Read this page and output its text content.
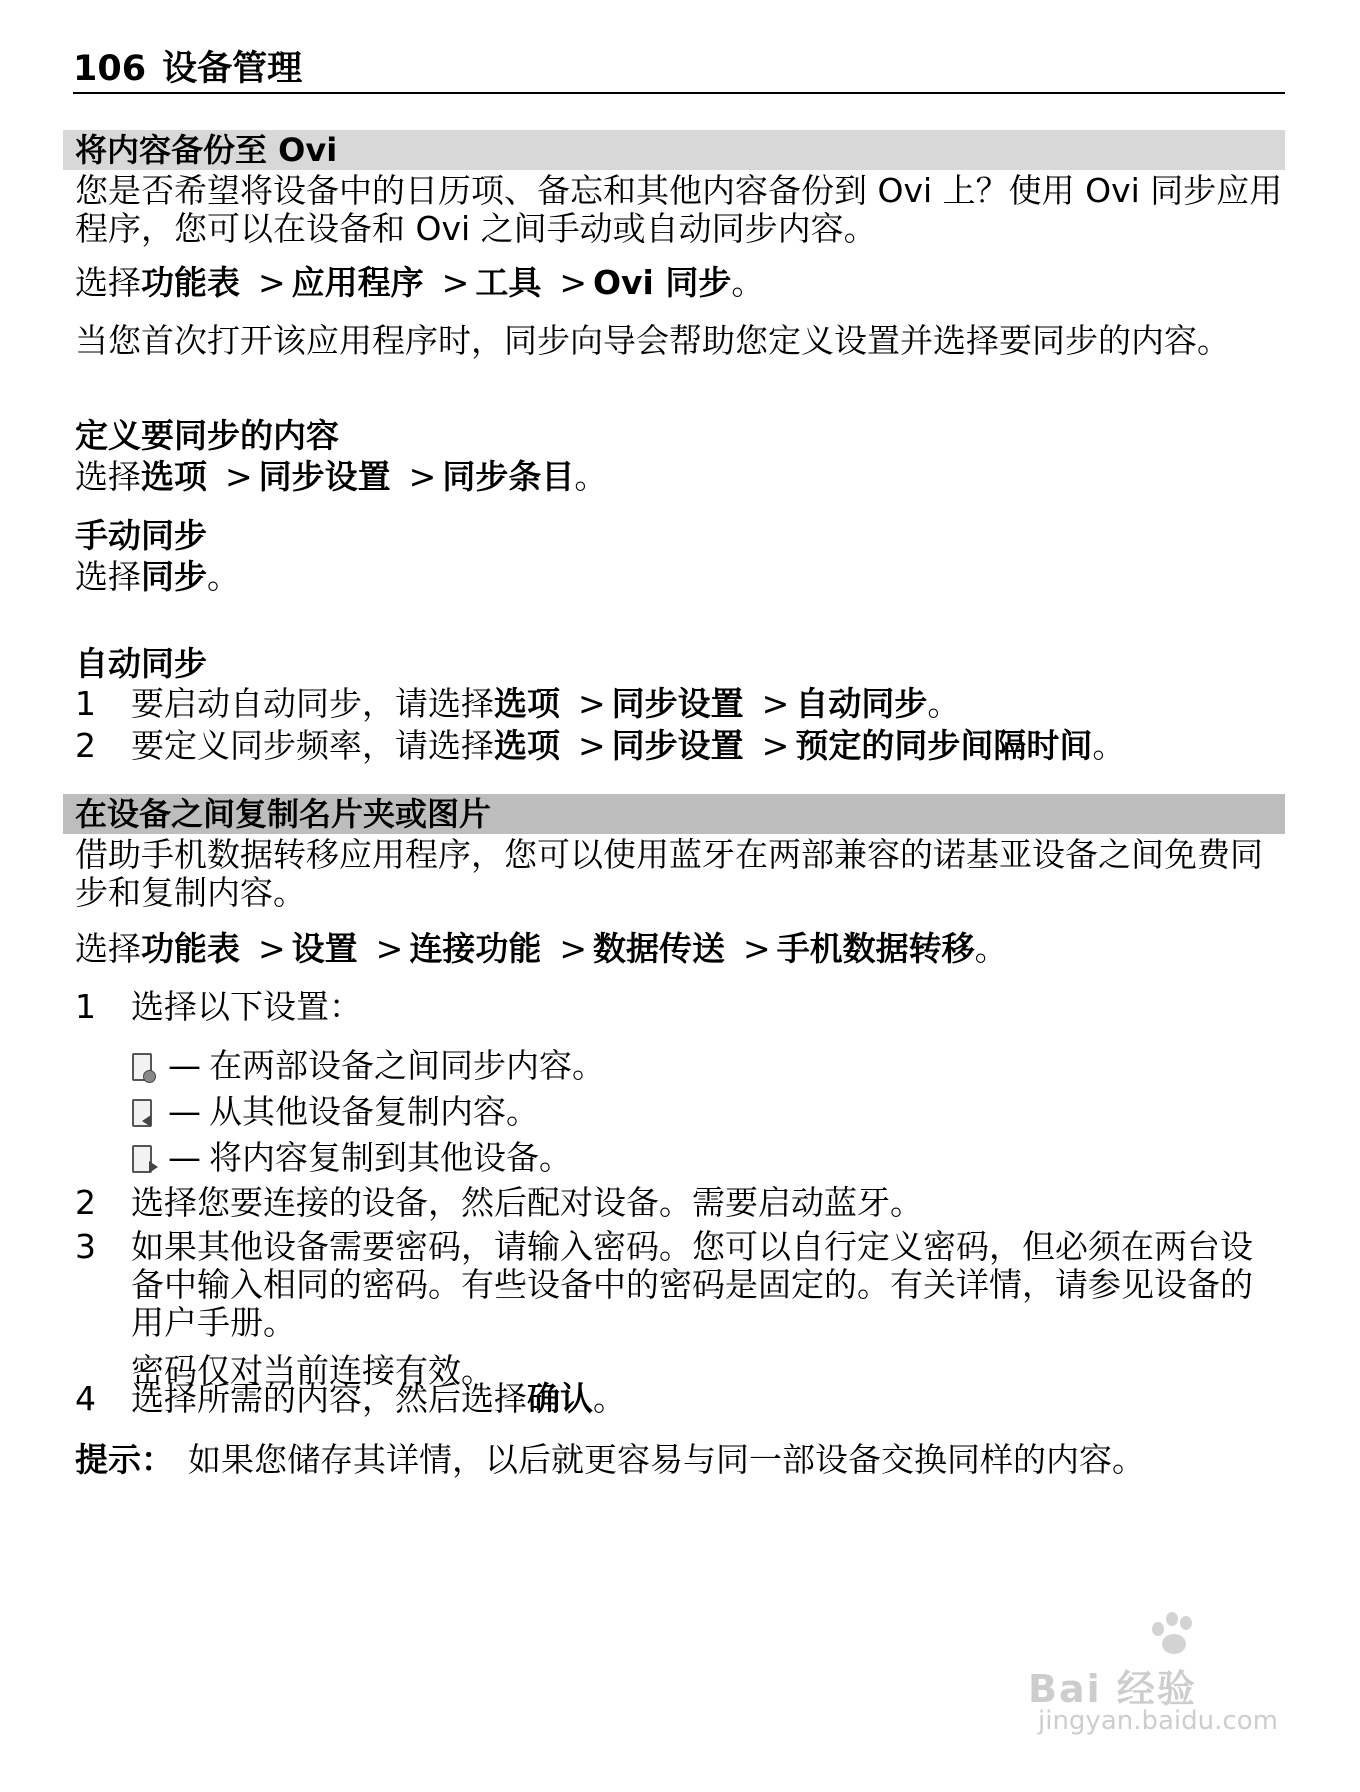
106 设备管理
将内容备份至 Ovi
您是否希望将设备中的日历项、备忘和其他内容备份到 Ovi 上？使用 Ovi 同步应用程序，您可以在设备和 Ovi 之间手动或自动同步内容。
选择功能表 > 应用程序 > 工具 > Ovi 同步。
当您首次打开该应用程序时，同步向导会帮助您定义设置并选择要同步的内容。
定义要同步的内容
选择选项 > 同步设置 > 同步条目。
手动同步
选择同步。
自动同步
1	要启动自动同步，请选择选项 > 同步设置 > 自动同步。
2	要定义同步频率，请选择选项 > 同步设置 > 预定的同步间隔时间。
在设备之间复制名片夹或图片
借助手机数据转移应用程序，您可以使用蓝牙在两部兼容的诺基亚设备之间免费同步和复制内容。
选择功能表 > 设置 > 连接功能 > 数据传送 > 手机数据转移。
1	选择以下设置：
— 在两部设备之间同步内容。
— 从其他设备复制内容。
— 将内容复制到其他设备。
2	选择您要连接的设备，然后配对设备。需要启动蓝牙。
3	如果其他设备需要密码，请输入密码。您可以自行定义密码，但必须在两台设备中输入相同的密码。有些设备中的密码是固定的。有关详情，请参见设备的用户手册。
密码仅对当前连接有效。
4	选择所需的内容，然后选择确认。
提示： 如果您储存其详情，以后就更容易与同一部设备交换同样的内容。
Bai 经验
jingyan.baidu.com
